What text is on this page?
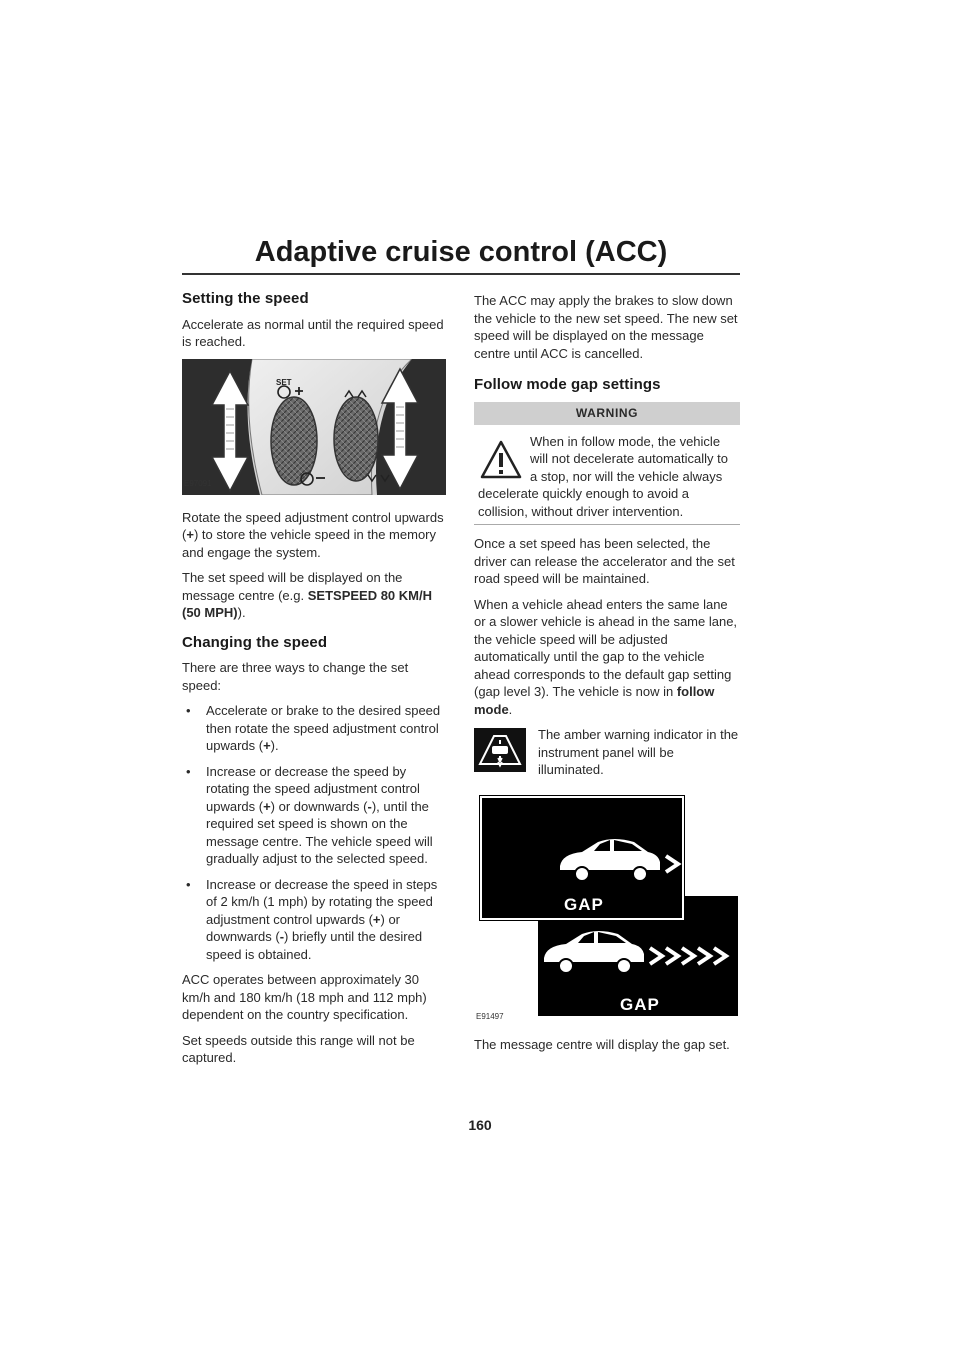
Adaptive cruise control (ACC)
Setting the speed

Accelerate as normal until the required speed is reached.

SET
E97091

Rotate the speed adjustment control upwards (+) to store the vehicle speed in the memory and engage the system.

The set speed will be displayed on the message centre (e.g. SETSPEED 80 KM/H (50 MPH)).

Changing the speed

There are three ways to change the set speed:

• Accelerate or brake to the desired speed then rotate the speed adjustment control upwards (+).
• Increase or decrease the speed by rotating the speed adjustment control upwards (+) or downwards (-), until the required set speed is shown on the message centre. The vehicle speed will gradually adjust to the selected speed.
• Increase or decrease the speed in steps of 2 km/h (1 mph) by rotating the speed adjustment control upwards (+) or downwards (-) briefly until the desired speed is obtained.

ACC operates between approximately 30 km/h and 180 km/h (18 mph and 112 mph) dependent on the country specification.

Set speeds outside this range will not be captured.

The ACC may apply the brakes to slow down the vehicle to the new set speed. The new set speed will be displayed on the message centre until ACC is cancelled.

Follow mode gap settings
WARNING
When in follow mode, the vehicle will not decelerate automatically to a stop, nor will the vehicle always decelerate quickly enough to avoid a collision, without driver intervention.

Once a set speed has been selected, the driver can release the accelerator and the set road speed will be maintained.

When a vehicle ahead enters the same lane or a slower vehicle is ahead in the same lane, the vehicle speed will be adjusted automatically until the gap to the vehicle ahead corresponds to the default gap setting (gap level 3). The vehicle is now in follow mode.

The amber warning indicator in the instrument panel will be illuminated.
GAP
GAP
E91497

The message centre will display the gap set.

160
